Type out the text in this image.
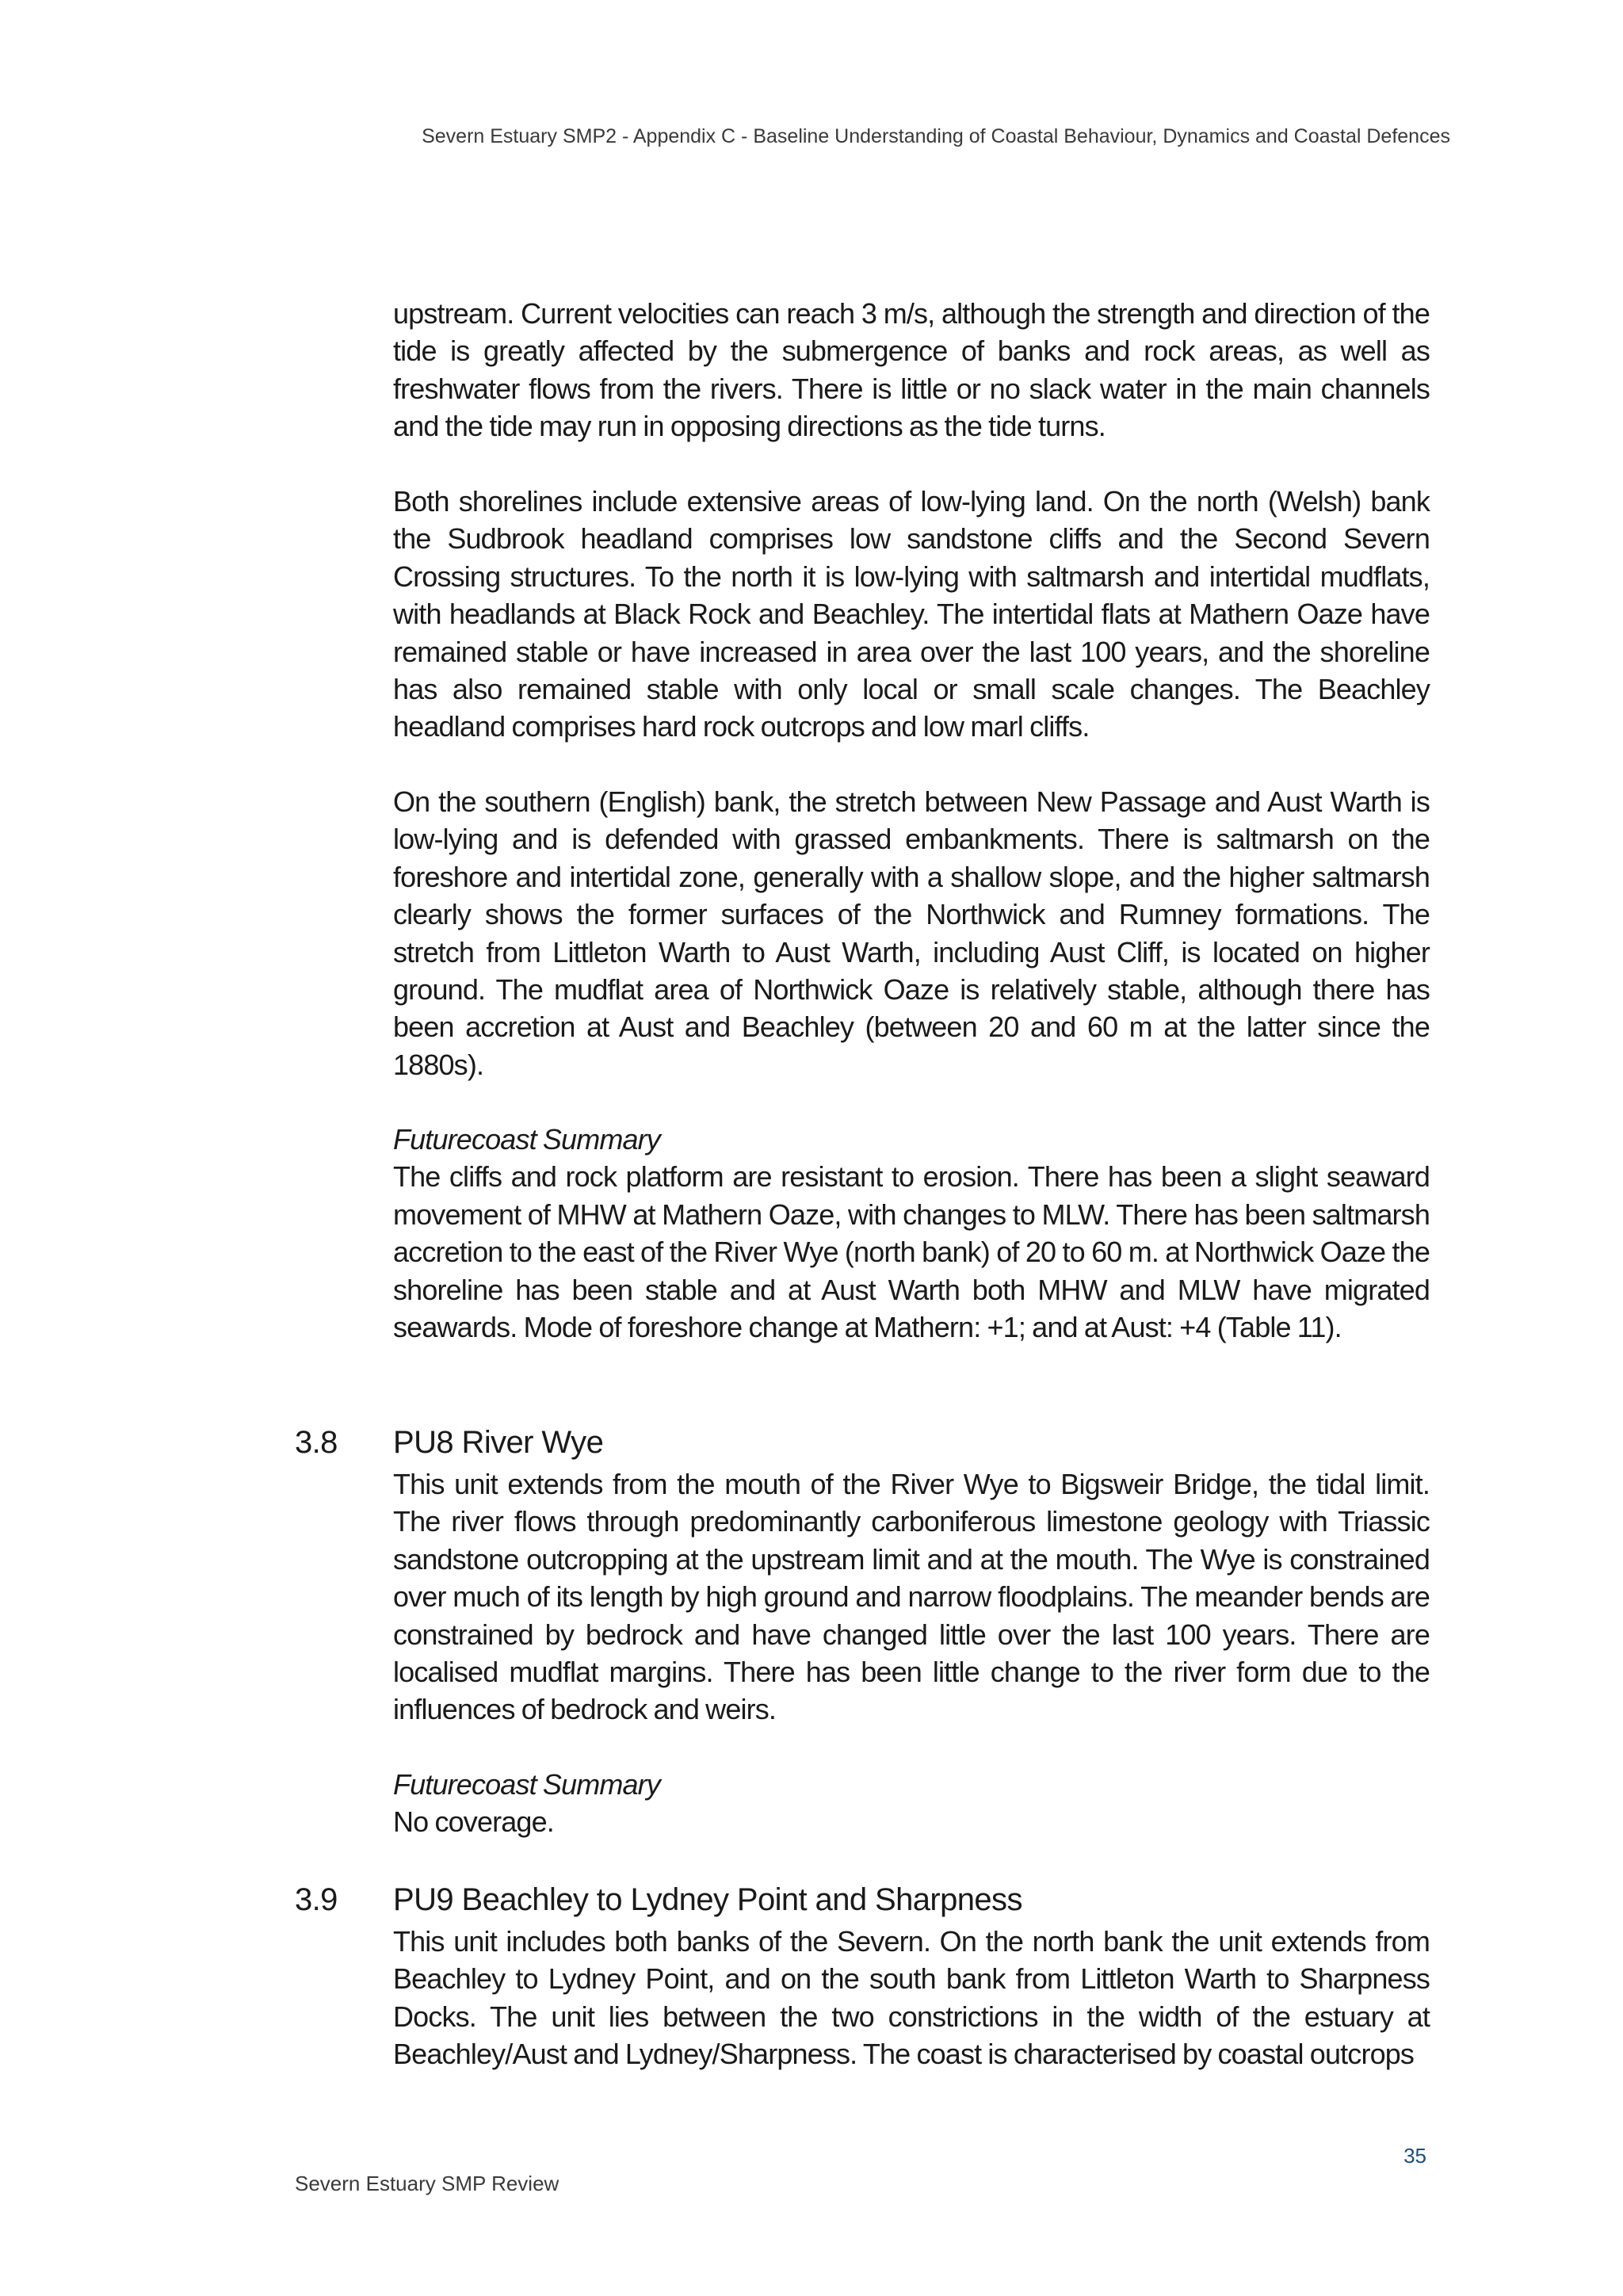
Severn Estuary SMP2 - Appendix C - Baseline Understanding of Coastal Behaviour, Dynamics and Coastal Defences

upstream. Current velocities can reach 3 m/s, although the strength and direction of the tide is greatly affected by the submergence of banks and rock areas, as well as freshwater flows from the rivers. There is little or no slack water in the main channels and the tide may run in opposing directions as the tide turns.

Both shorelines include extensive areas of low-lying land. On the north (Welsh) bank the Sudbrook headland comprises low sandstone cliffs and the Second Severn Crossing structures. To the north it is low-lying with saltmarsh and intertidal mudflats, with headlands at Black Rock and Beachley. The intertidal flats at Mathern Oaze have remained stable or have increased in area over the last 100 years, and the shoreline has also remained stable with only local or small scale changes. The Beachley headland comprises hard rock outcrops and low marl cliffs.

On the southern (English) bank, the stretch between New Passage and Aust Warth is low-lying and is defended with grassed embankments. There is saltmarsh on the foreshore and intertidal zone, generally with a shallow slope, and the higher saltmarsh clearly shows the former surfaces of the Northwick and Rumney formations. The stretch from Littleton Warth to Aust Warth, including Aust Cliff, is located on higher ground. The mudflat area of Northwick Oaze is relatively stable, although there has been accretion at Aust and Beachley (between 20 and 60 m at the latter since the 1880s).

Futurecoast Summary

The cliffs and rock platform are resistant to erosion. There has been a slight seaward movement of MHW at Mathern Oaze, with changes to MLW. There has been saltmarsh accretion to the east of the River Wye (north bank) of 20 to 60 m. at Northwick Oaze the shoreline has been stable and at Aust Warth both MHW and MLW have migrated seawards. Mode of foreshore change at Mathern: +1; and at Aust: +4 (Table 11).

3.8 PU8 River Wye

This unit extends from the mouth of the River Wye to Bigsweir Bridge, the tidal limit. The river flows through predominantly carboniferous limestone geology with Triassic sandstone outcropping at the upstream limit and at the mouth. The Wye is constrained over much of its length by high ground and narrow floodplains. The meander bends are constrained by bedrock and have changed little over the last 100 years. There are localised mudflat margins. There has been little change to the river form due to the influences of bedrock and weirs.

Futurecoast Summary

No coverage.

3.9 PU9 Beachley to Lydney Point and Sharpness

This unit includes both banks of the Severn. On the north bank the unit extends from Beachley to Lydney Point, and on the south bank from Littleton Warth to Sharpness Docks. The unit lies between the two constrictions in the width of the estuary at Beachley/Aust and Lydney/Sharpness. The coast is characterised by coastal outcrops

35
Severn Estuary SMP Review
